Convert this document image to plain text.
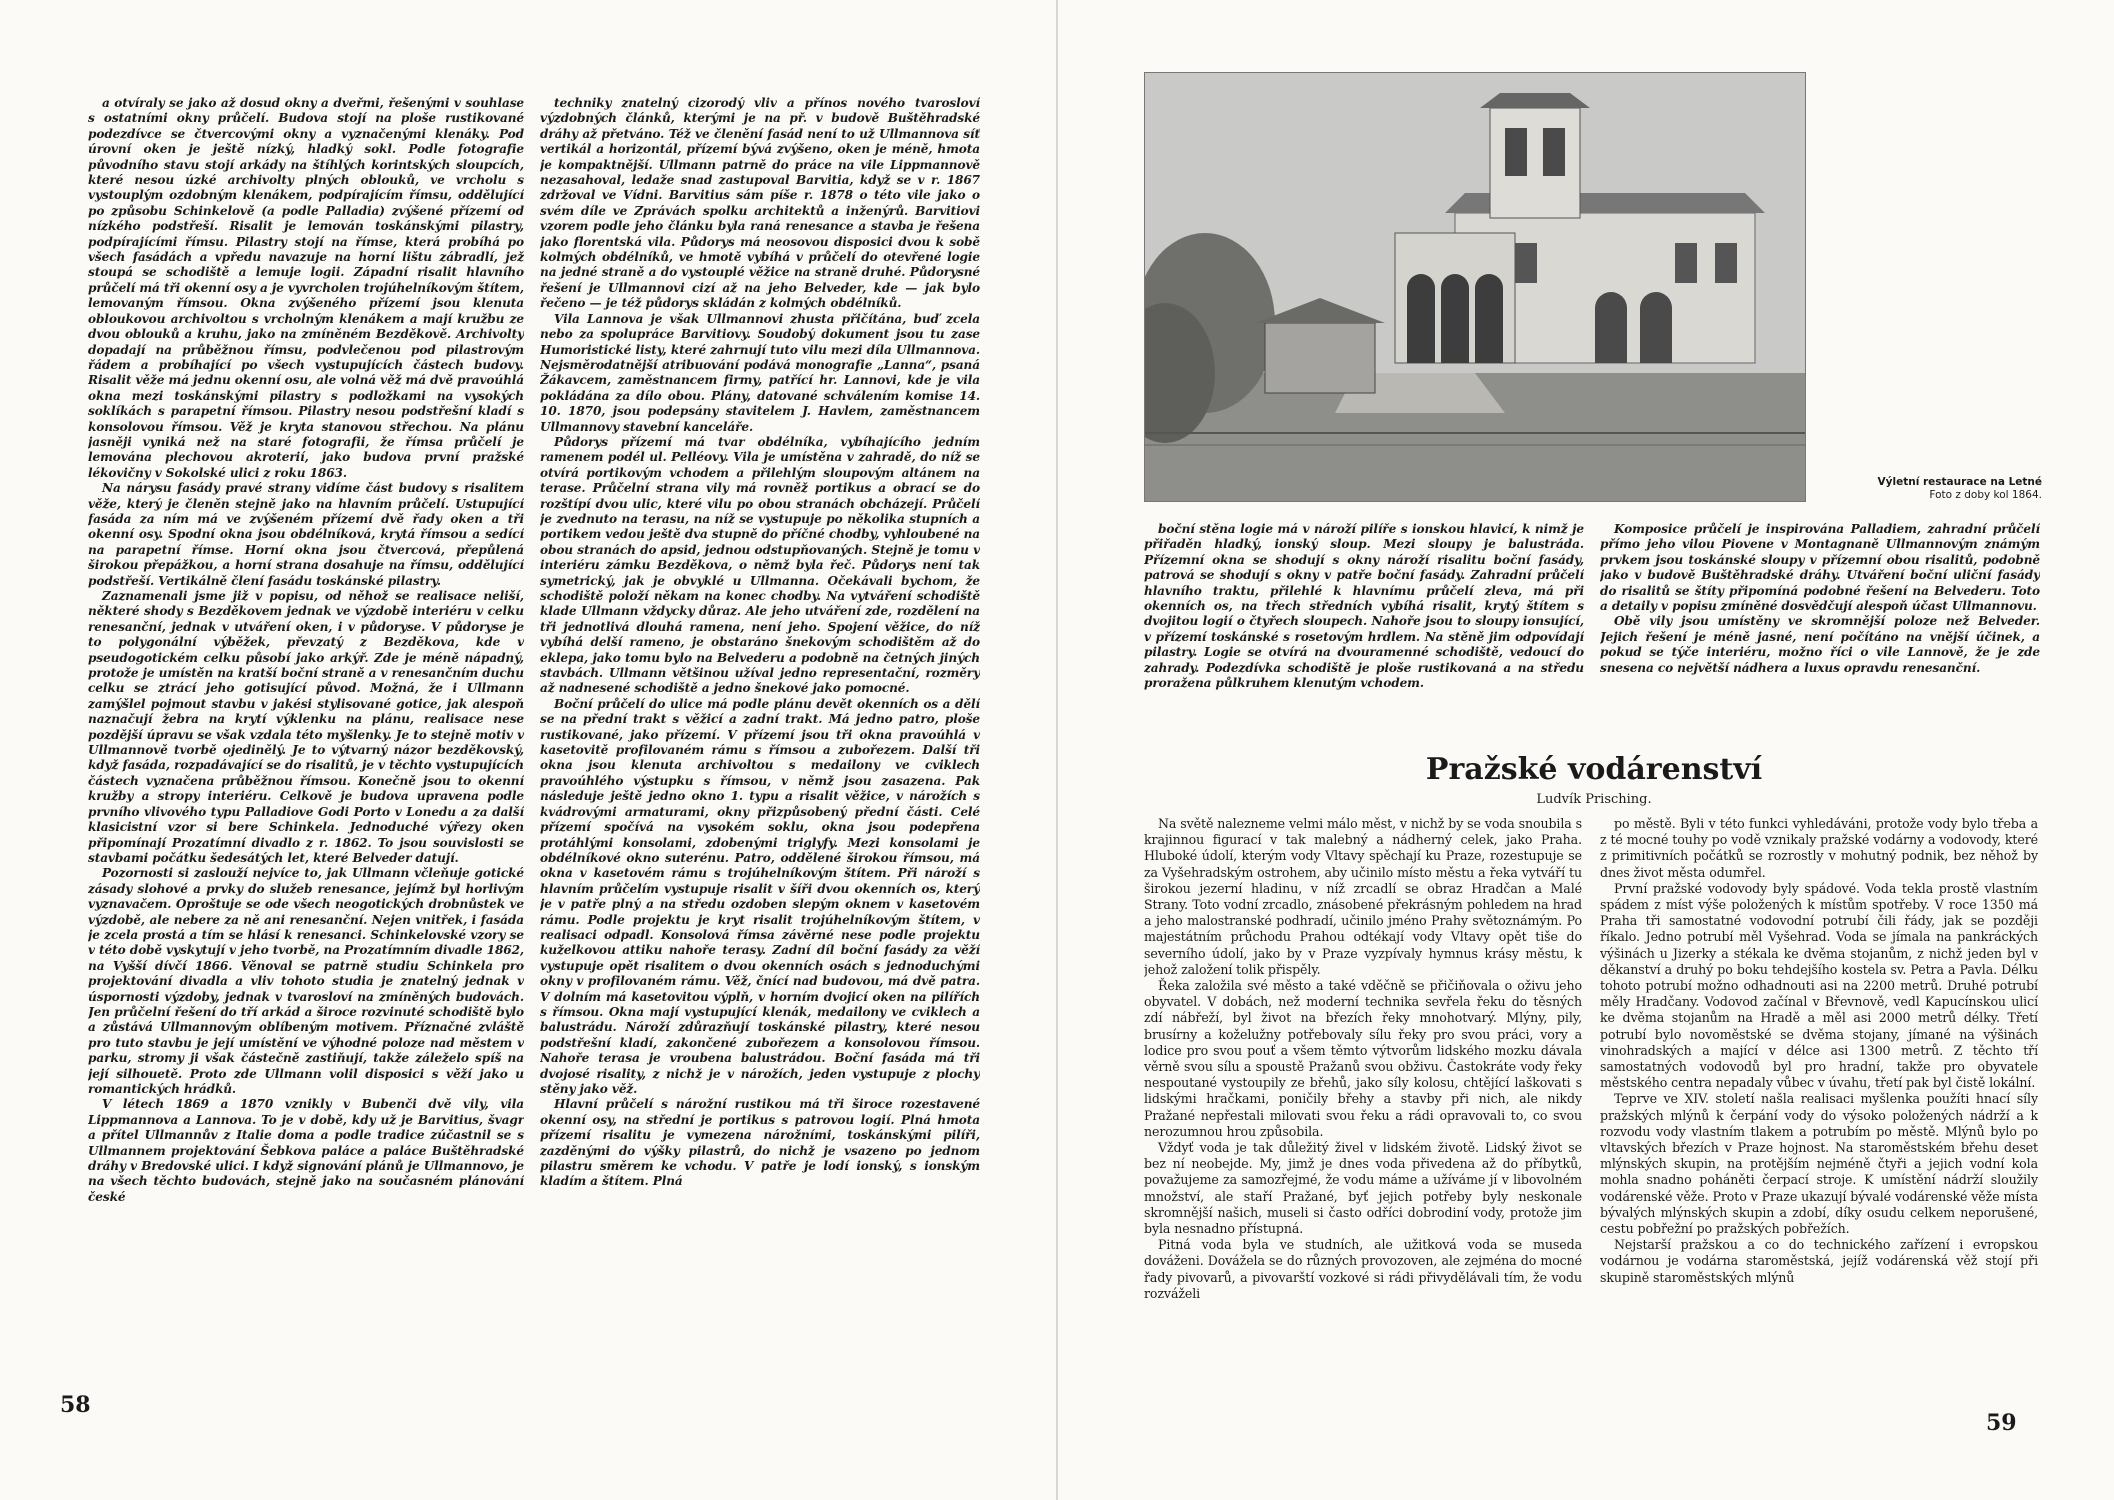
a otvíraly se jako až dosud okny a dveřmi, řešenými v souhlase s ostatními okny průčelí. Budova stojí na ploše rustikované podezdívce se čtvercovými okny a vyznačenými klenáky. Pod úrovní oken je ještě nízký, hladký sokl. Podle fotografie původního stavu stojí arkády na štíhlých korintských sloupcích, které nesou úzké archivolty plných oblouků, ve vrcholu s vystouplým ozdobným klenákem, podpírajícím římsu, oddělující po způsobu Schinkelově (a podle Palladia) zvýšené přízemí od nízkého podstřeší. Risalit je lemován toskánskými pilastry, podpírajícími římsu. Pilastry stojí na římse, která probíhá po všech fasádách a vpředu navazuje na horní lištu zábradlí, jež stoupá se schodiště a lemuje logii. Západní risalit hlavního průčelí má tři okenní osy a je vyvrcholen trojúhelníkovým štítem, lemovaným římsou. Okna zvýšeného přízemí jsou klenuta obloukovou archivoltou s vrcholným klenákem a mají kružbu ze dvou oblouků a kruhu, jako na zmíněném Bezděkově. Archivolty dopadají na průběžnou římsu, podvlečenou pod pilastrovým řádem a probíhající po všech vystupujících částech budovy. Risalit věže má jednu okenní osu, ale volná věž má dvě pravoúhlá okna mezi toskánskými pilastry s podložkami na vysokých soklíkách s parapetní římsou. Pilastry nesou podstřešní kladí s konsolovou římsou. Věž je kryta stanovou střechou. Na plánu jasněji vyniká než na staré fotografii, že římsa průčelí je lemována plechovou akroterií, jako budova první pražské lékovičny v Sokolské ulici z roku 1863.

Na nárysu fasády pravé strany vidíme část budovy s risalitem věže, který je členěn stejně jako na hlavním průčelí. Ustupující fasáda za ním má ve zvýšeném přízemí dvě řady oken a tři okenní osy. Spodní okna jsou obdélníková, krytá římsou a sedící na parapetní římse. Horní okna jsou čtvercová, přepůlená širokou přepážkou, a horní strana dosahuje na římsu, oddělující podstřeší. Vertikálně člení fasádu toskánské pilastry.

Zaznamenali jsme již v popisu, od něhož se realisace neliší, některé shody s Bezděkovem jednak ve výzdobě interiéru v celku renesanční, jednak v utváření oken, i v půdoryse. V půdoryse je to polygonální výběžek, převzatý z Bezděkova, kde v pseudogotickém celku působí jako arkýř. Zde je méně nápadný, protože je umístěn na kratší boční straně a v renesančním duchu celku se ztrácí jeho gotisující původ. Možná, že i Ullmann zamýšlel pojmout stavbu v jakési stylisované gotice, jak alespoň naznačují žebra na krytí výklenku na plánu, realisace nese pozdější úpravu se však vzdala této myšlenky. Je to stejně motiv v Ullmannově tvorbě ojedinělý. Je to výtvarný názor bezděkovský, když fasáda, rozpadávající se do risalitů, je v těchto vystupujících částech vyznačena průběžnou římsou. Konečně jsou to okenní kružby a stropy interiéru. Celkově je budova upravena podle prvního vlivového typu Palladiove Godi Porto v Lonedu a za další klasicistní vzor si bere Schinkela. Jednoduché výřezy oken připomínají Prozatímní divadlo z r. 1862. To jsou souvislosti se stavbami počátku šedesátých let, které Belveder datují.

Pozornosti si zaslouží nejvíce to, jak Ullmann včleňuje gotické zásady slohové a prvky do služeb renesance, jejímž byl horlivým vyznavačem. Oproštuje se ode všech neogotických drobnůstek ve výzdobě, ale nebere za ně ani renesanční. Nejen vnitřek, i fasáda je zcela prostá a tím se hlásí k renesanci. Schinkelovské vzory se v této době vyskytují v jeho tvorbě, na Prozatímním divadle 1862, na Vyšší dívčí 1866. Věnoval se patrně studiu Schinkela pro projektování divadla a vliv tohoto studia je znatelný jednak v úspornosti výzdoby, jednak v tvarosloví na zmíněných budovách. Jen průčelní řešení do tří arkád a široce rozvinuté schodiště bylo a zůstává Ullmannovým oblíbeným motivem. Příznačné zvláště pro tuto stavbu je její umístění ve výhodné poloze nad městem v parku, stromy ji však částečně zastiňují, takže záleželo spíš na její silhouetě. Proto zde Ullmann volil disposici s věží jako u romantických hrádků.

V létech 1869 a 1870 vznikly v Bubenči dvě vily, vila Lippmannova a Lannova. To je v době, kdy už je Barvitius, švagr a přítel Ullmannův z Italie doma a podle tradice zúčastnil se s Ullmannem projektování Šebkova paláce a paláce Buštěhradské dráhy v Bredovské ulici. I když signování plánů je Ullmannovo, je na všech těchto budovách, stejně jako na současném plánování české

techniky znatelný cizorodý vliv a přínos nového tvarosloví výzdobných článků, kterými je na př. v budově Buštěhradské dráhy až přetváno. Též ve členění fasád není to už Ullmannova síť vertikál a horizontál, přízemí bývá zvýšeno, oken je méně, hmota je kompaktnější. Ullmann patrně do práce na vile Lippmannově nezasahoval, ledaže snad zastupoval Barvitia, když se v r. 1867 zdržoval ve Vídni. Barvitius sám píše r. 1878 o této vile jako o svém díle ve Zprávách spolku architektů a inženýrů. Barvitiovi vzorem podle jeho článku byla raná renesance a stavba je řešena jako florentská vila. Půdorys má neosovou disposici dvou k sobě kolmých obdélníků, ve hmotě vybíhá v průčelí do otevřené logie na jedné straně a do vystouplé věžice na straně druhé. Půdorysné řešení je Ullmannovi cizí až na jeho Belveder, kde — jak bylo řečeno — je též půdorys skládán z kolmých obdélníků.

Vila Lannova je však Ullmannovi zhusta přičítána, buď zcela nebo za spoluprácе Barvitiovy. Soudobý dokument jsou tu zase Humoristické listy, které zahrnují tuto vilu mezi díla Ullmannova. Nejsměrodatnější atribuování podává monografie „Lanna“, psaná Žákavcem, zaměstnancem firmy, patřící hr. Lannovi, kde je vila pokládána za dílo obou. Plány, datované schválením komise 14. 10. 1870, jsou podepsány stavitelem J. Havlem, zaměstnancem Ullmannovy stavební kanceláře.

Půdorys přízemí má tvar obdélníka, vybíhajícího jedním ramenem podél ul. Pelléovy. Vila je umístěna v zahradě, do níž se otvírá portikovým vchodem a přilehlým sloupovým altánem na terase. Průčelní strana vily má rovněž portikus a obrací se do rozštípí dvou ulic, které vilu po obou stranách obcházejí. Průčelí je zvednuto na terasu, na níž se vystupuje po několika stupních a portikem vedou ještě dva stupně do příčné chodby, vyhloubené na obou stranách do apsid, jednou odstupňovaných. Stejně je tomu v interiéru zámku Bezděkova, o němž byla řeč. Půdorys není tak symetrický, jak je obvyklé u Ullmanna. Očekávali bychom, že schodiště položí někam na konec chodby. Na vytváření schodiště klade Ullmann vždycky důraz. Ale jeho utváření zde, rozdělení na tři jednotlivá dlouhá ramena, není jeho. Spojení věžice, do níž vybíhá delší rameno, je obstaráno šnekovým schodištěm až do eklepa, jako tomu bylo na Belvederu a podobně na četných jiných stavbách. Ullmann většinou užíval jedno representační, rozměry až nadnesené schodiště a jedno šnekové jako pomocné.

Boční průčelí do ulice má podle plánu devět okenních os a dělí se na přední trakt s věžicí a zadní trakt. Má jedno patro, ploše rustikované, jako přízemí. V přízemí jsou tři okna pravoúhlá v kasetovitě profilovaném rámu s římsou a zubořezem. Další tři okna jsou klenuta archivoltou s medailony ve cviklech pravoúhlého výstupku s římsou, v němž jsou zasazena. Pak následuje ještě jedno okno 1. typu a risalit věžice, v nárožích s kvádrovými armaturami, okny přizpůsobený přední části. Celé přízemí spočívá na vysokém soklu, okna jsou podepřena protáhlými konsolami, zdobenými triglyfy. Mezi konsolami je obdélníkové okno suterénu. Patro, oddělené širokou římsou, má okna v kasetovém rámu s trojúhelníkovým štítem. Při nároží s hlavním průčelím vystupuje risalit v šíři dvou okenních os, který je v patře plný a na středu ozdoben slepým oknem v kasetovém rámu. Podle projektu je kryt risalit trojúhelníkovým štítem, v realisaci odpadl. Konsolová římsa závěrné nese podle projektu kuželkovou attiku nahoře terasy. Zadní díl boční fasády za věží vystupuje opět risalitem o dvou okenních osách s jednoduchými okny v profilovaném rámu. Věž, čnící nad budovou, má dvě patra. V dolním má kasetovitou výplň, v horním dvojicí oken na pilířích s římsou. Okna mají vystupující klenák, medailony ve cviklech a balustrádu. Nároží zdůrazňují toskánské pilastry, které nesou podstřešní kladí, zakončené zubořezem a konsolovou římsou. Nahoře terasa je vroubena balustrádou. Boční fasáda má tři dvojosé risality, z nichž je v nárožích, jeden vystupuje z plochy stěny jako věž.

Hlavní průčelí s nárožní rustikou má tři široce rozestavené okenní osy, na střední je portikus s patrovou logií. Plná hmota přízemí risalitu je vymezena nárožními, toskánskými pilíři, zazděnými do výšky pilastrů, do nichž je vsazeno po jednom pilastru směrem ke vchodu. V patře je lodí ionský, s ionským kladím a štítem. Plná

58
Výletní restaurace na Letné
Foto z doby kol 1864.

boční stěna logie má v nároží pilíře s ionskou hlavicí, k nimž je přiřaděn hladký, ionský sloup. Mezi sloupy je balustráda. Přízemní okna se shodují s okny nároží risalitu boční fasády, patrová se shodují s okny v patře boční fasády. Zahradní průčelí hlavního traktu, přilehlé k hlavnímu průčelí zleva, má při okenních os, na třech středních vybíhá risalit, krytý štítem s dvojitou logií o čtyřech sloupech. Nahoře jsou to sloupy ionsující, v přízemí toskánské s rosetovým hrdlem. Na stěně jim odpovídají pilastry. Logie se otvírá na dvouramenné schodiště, vedoucí do zahrady. Podezdívka schodiště je ploše rustikovaná a na středu proražena půlkruhem klenutým vchodem.

Komposice průčelí je inspirována Palladiem, zahradní průčelí přímo jeho vilou Piovene v Montagnaně Ullmannovým známým prvkem jsou toskánské sloupy v přízemní obou risalitů, podobně jako v budově Buštěhradské dráhy. Utváření boční uliční fasády do risalitů se štíty připomíná podobné řešení na Belvederu. Toto a detaily v popisu zmíněné dosvědčují alespoň účast Ullmannovu.

Obě vily jsou umístěny ve skromnější poloze než Belveder. Jejich řešení je méně jasné, není počítáno na vnější účinek, a pokud se týče interiéru, možno říci o vile Lannově, že je zde snesena co největší nádhera a luxus opravdu renesanční.

Pražské vodárenství
Ludvík Prisching.

Na světě nalezneme velmi málo měst, v nichž by se voda snoubila s krajinnou figurací v tak malebný a nádherný celek, jako Praha. Hluboké údolí, kterým vody Vltavy spěchají ku Praze, rozestupuje se za Vyšehradským ostrohem, aby učinilo místo městu a řeka vytváří tu širokou jezerní hladinu, v níž zrcadlí se obraz Hradčan a Malé Strany. Toto vodní zrcadlo, znásobené překrásným pohledem na hrad a jeho malostranské podhradí, učinilo jméno Prahy světoznámým. Po majestátním průchodu Prahou odtékají vody Vltavy opět tiše do severního údolí, jako by v Praze vyzpívaly hymnus krásy městu, k jehož založení tolik přispěly.

Řeka založila své město a také vděčně se přičiňovala o oživu jeho obyvatel. V dobách, než moderní technika sevřela řeku do těsných zdí nábřeží, byl život na březích řeky mnohotvarý. Mlýny, pily, brusírny a koželužny potřebovaly sílu řeky pro svou práci, vory a lodice pro svou pouť a všem těmto výtvorům lidského mozku dávala věrně svou sílu a spoustě Pražanů svou obživu. Častokráte vody řeky nespoutané vystoupily ze břehů, jako síly kolosu, chtějící laškovati s lidskými hračkami, poničily břehy a stavby při nich, ale nikdy Pražané nepřestali milovati svou řeku a rádi opravovali to, co svou nerozumnou hrou způsobila.

Vždyť voda je tak důležitý živel v lidském životě. Lidský život se bez ní neobejde. My, jimž je dnes voda přivedena až do příbytků, považujeme za samozřejmé, že vodu máme a užíváme jí v libovolném množství, ale staří Pražané, byť jejich potřeby byly neskonale skromnější našich, museli si často odříci dobrodiní vody, protože jim byla nesnadno přístupná.

Pitná voda byla ve studních, ale užitková voda se museda dováženi. Dováželа se do různých provozoven, ale zejména do mocné řady pivovarů, a pivovarští vozkové si rádi přivydělávali tím, že vodu rozváželi

po městě. Byli v této funkci vyhledáváni, protože vody bylo třeba a z té mocné touhy po vodě vznikaly pražské vodárny a vodovody, které z primitivních počátků se rozrostly v mohutný podnik, bez něhož by dnes život města odumřel.

První pražské vodovody byly spádové. Voda tekla prostě vlastním spádem z míst výše položených k místům spotřeby. V roce 1350 má Praha tři samostatné vodovodní potrubí čili řády, jak se později říkalo. Jedno potrubí měl Vyšehrad. Voda se jímala na pankráckých výšinách u Jizerky a stékala ke dvěma stojanům, z nichž jeden byl v děkanství a druhý po boku tehdejšího kostela sv. Petra a Pavla. Délku tohoto potrubí možno odhadnouti asi na 2200 metrů. Druhé potrubí měly Hradčany. Vodovod začínal v Břevnově, vedl Kapucínskou ulicí ke dvěma stojanům na Hradě a měl asi 2000 metrů délky. Třetí potrubí bylo novoměstské se dvěma stojany, jímané na výšinách vinohradských a mající v délce asi 1300 metrů. Z těchto tří samostatných vodovodů byl pro hradní, takže pro obyvatele městského centra nepadaly vůbec v úvahu, třetí pak byl čistě lokální.

Teprve ve XIV. století našla realisaci myšlenka použíti hnací síly pražských mlýnů k čerpání vody do výsoko položených nádrží a k rozvodu vody vlastním tlakem a potrubím po městě. Mlýnů bylo po vltavských březích v Praze hojnost. Na staroměstském břehu deset mlýnských skupin, na protějším nejméně čtyři a jejich vodní kola mohla snadno poháněti čerpací stroje. K umístění nádrží sloužily vodárenské věže. Proto v Praze ukazují bývalé vodárenské věže místa bývalých mlýnských skupin a zdobí, díky osudu celkem neporušené, cestu pobřežní po pražských pobřežích.

Nejstarší pražskou a co do technického zařízení i evropskou vodárnou je vodárna staroměstská, jejíž vodárenská věž stojí při skupině staroměstských mlýnů

59
